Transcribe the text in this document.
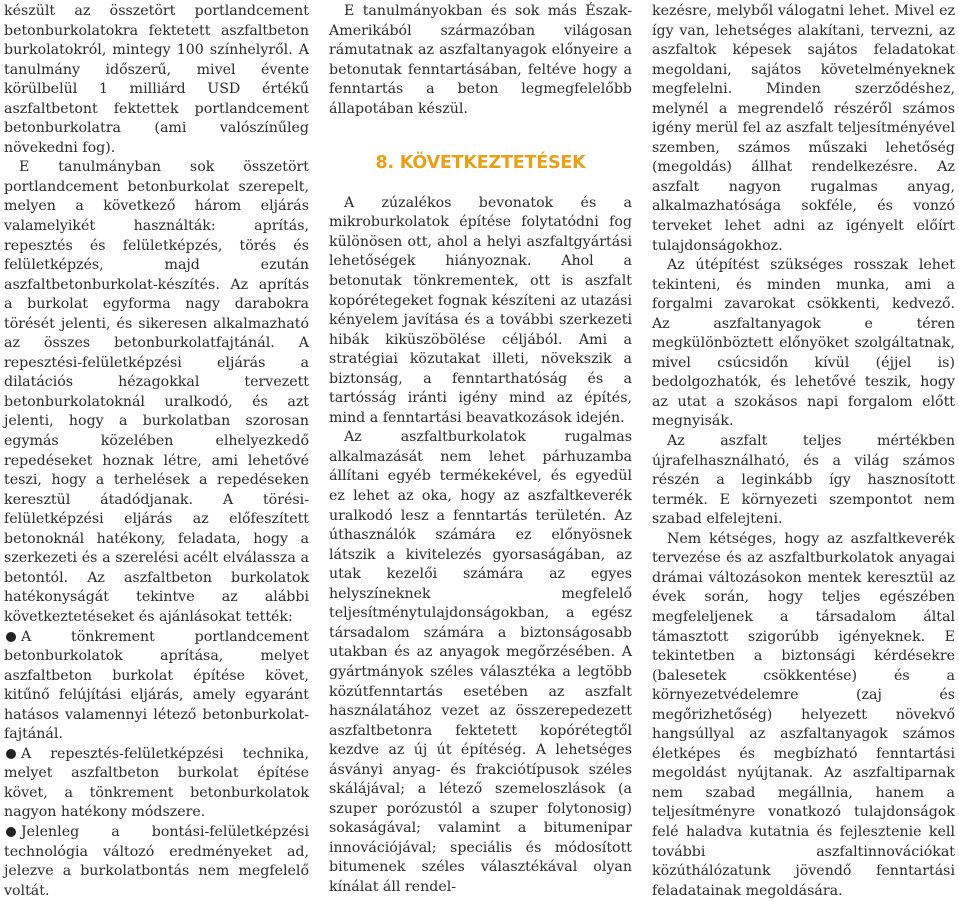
készült az összetört portlandcement betonburkolatokra fektetett aszfaltbeton burkolatokról, mintegy 100 színhelyről. A tanulmány időszerű, mivel évente körülbelül 1 milliárd USD értékű aszfaltbetont fektettek portlandcement betonburkolatra (ami valószínűleg növekedni fog).

E tanulmányban sok összetört portlandcement betonburkolat szerepelt, melyen a következő három eljárás valamelyikét használták: aprítás, repesztés és felületképzés, törés és felületképzés, majd ezután aszfaltbetonburkolat-készítés. Az aprítás a burkolat egyforma nagy darabokra törését jelenti, és sikeresen alkalmazható az összes betonburkolatfajtánál. A repesztési-felületképzési eljárás a dilatációs hézagokkal tervezett betonburkolatoknál uralkodó, és azt jelenti, hogy a burkolatban szorosan egymás közelében elhelyezkedő repedéseket hoznak létre, ami lehetővé teszi, hogy a terhelések a repedéseken keresztül átadódjanak. A törési-felületképzési eljárás az előfeszített betonoknál hatékony, feladata, hogy a szerkezeti és a szerelési acélt elválassza a betontól. Az aszfaltbeton burkolatok hatékonyságát tekintve az alábbi következtetéseket és ajánlásokat tették:

A tönkrement portlandcement betonburkolatok aprítása, melyet aszfaltbeton burkolat építése követ, kitűnő felújítási eljárás, amely egyaránt hatásos valamennyi létező betonburkolat-fajtánál.

A repesztés-felületképzési technika, melyet aszfaltbeton burkolat építése követ, a tönkrement betonburkolatok nagyon hatékony módszere.

Jelenleg a bontási-felületképzési technológia változó eredményeket ad, jelezve a burkolatbontás nem megfelelő voltát.

E tanulmányokban és sok más Észak-Amerikából származóban világosan rámutatnak az aszfaltanyagok előnyeire a betonutak fenntartásában, feltéve hogy a fenntartás a beton legmegfelelőbb állapotában készül.

8. KÖVETKEZTETÉSEK

A zúzalékos bevonatok és a mikroburkolatok építése folytatódni fog különösen ott, ahol a helyi aszfaltgyártási lehetőségek hiányoznak. Ahol a betonutak tönkrementek, ott is aszfalt kopórétegeket fognak készíteni az utazási kényelem javítása és a további szerkezeti hibák kiküszöbölése céljából. Ami a stratégiai közutakat illeti, növekszik a biztonság, a fenntarthatóság és a tartósság iránti igény mind az építés, mind a fenntartási beavatkozások idején.

Az aszfaltburkolatok rugalmas alkalmazását nem lehet párhuzamba állítani egyéb termékekével, és egyedül ez lehet az oka, hogy az aszfaltkeverék uralkodó lesz a fenntartás területén. Az úthasználók számára ez előnyösnek látszik a kivitelezés gyorsaságában, az utak kezelői számára az egyes helyszíneknek megfelelő teljesítménytulajdonságokban, a egész társadalom számára a biztonságosabb utakban és az anyagok megőrzésében. A gyártmányok széles választéka a legtöbb közútfenntartás esetében az aszfalt használatához vezet az összerepedezett aszfaltbetonra fektetett kopórétegtől kezdve az új út építéség. A lehetséges ásványi anyag- és frakciótípusok széles skálájával; a létező szemeloszlások (a szuper porózustól a szuper folytonosig) sokaságával; valamint a bitumenipar innovációjával; speciális és módosított bitumenek széles választékával olyan kínálat áll rendel-

kezésre, melyből válogatni lehet. Mivel ez így van, lehetséges alakítani, tervezni, az aszfaltok képesek sajátos feladatokat megoldani, sajátos követelményeknek megfelelni. Minden szerződéshez, melynél a megrendelő részéről számos igény merül fel az aszfalt teljesítményével szemben, számos műszaki lehetőség (megoldás) állhat rendelkezésre. Az aszfalt nagyon rugalmas anyag, alkalmazhatósága sokféle, és vonzó terveket lehet adni az igényelt előírt tulajdonságokhoz.

Az útépítést szükséges rosszak lehet tekinteni, és minden munka, ami a forgalmi zavarokat csökkenti, kedvező. Az aszfaltanyagok e téren megkülönböztett előnyöket szolgáltatnak, mivel csúcsidőn kívül (éjjel is) bedolgozhatók, és lehetővé teszik, hogy az utat a szokásos napi forgalom előtt megnyisák.

Az aszfalt teljes mértékben újrafelhasználható, és a világ számos részén a leginkább így hasznosított termék. E környezeti szempontot nem szabad elfelejteni.

Nem kétséges, hogy az aszfaltkeverék tervezése és az aszfaltburkolatok anyagai drámai változásokon mentek keresztül az évek során, hogy teljes egészében megfeleljenek a társadalom által támasztott szigorúbb igényeknek. E tekintetben a biztonsági kérdésekre (balesetek csökkentése) és a környezetvédelemre (zaj és megőrizhetőség) helyezett növekvő hangsúllyal az aszfaltanyagok számos életképes és megbízható fenntartási megoldást nyújtanak. Az aszfaltiparnak nem szabad megállnia, hanem a teljesítményre vonatkozó tulajdonságok felé haladva kutatnia és fejlesztenie kell további aszfaltinnovációkat közúthálózatunk jövendő fenntartási feladatainak megoldására.
